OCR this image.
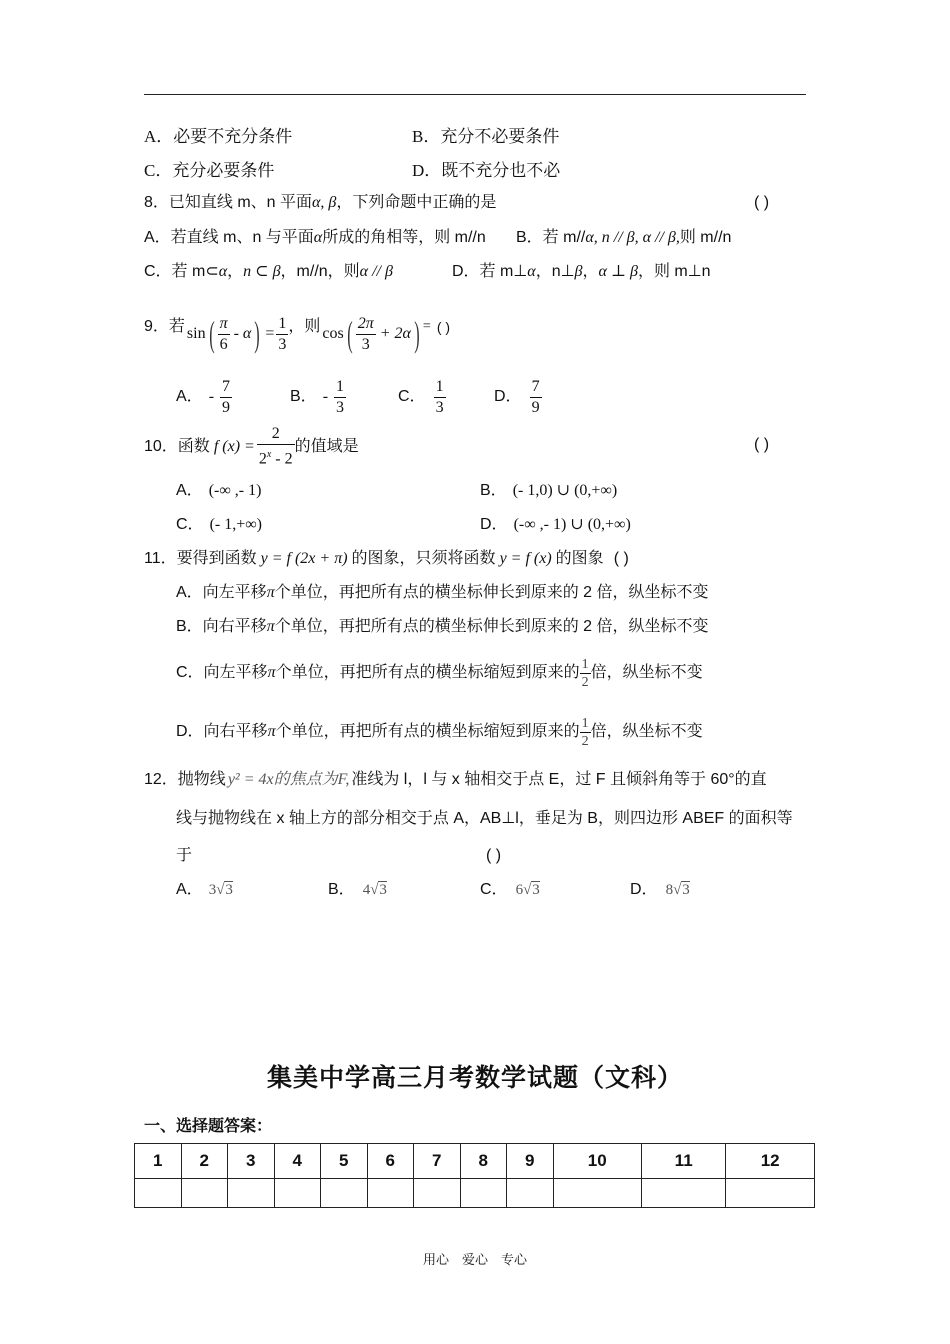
A．必要不充分条件	B．充分不必要条件
C．充分必要条件	D．既不充分也不必
8．已知直线 m、n 平面α, β，下列命题中正确的是	( )
A．若直线 m、n 与平面α所成的角相等，则 m//n B．若 m//α, n // β, α // β,则 m//n
C．若 m⊂α，n ⊂ β，m//n，则α // β	D．若 m⊥α，n⊥β，α ⊥ β，则 m⊥n
9．若 sin ( $\frac{\pi}{6}$ - α ) = $\frac{1}{3}$ ，则 cos ( $\frac{2\pi}{3} + 2\alpha$ ) = ( )
A． - $\frac{7}{9}$	B． - $\frac{1}{3}$	C． $\frac{1}{3}$	D． $\frac{7}{9}$
10．函数 f $(x) = \frac{2}{2^x - 2}$ 的值域是	( )
A． (-∞ ,- 1)	B． (- 1,0) ∪ (0,+∞)
C． (- 1,+∞)	D． (-∞ ,- 1) ∪ (0,+∞)
11．要得到函数 y = f (2x + π) 的图象，只须将函数 y = f (x) 的图象 ( )
A．向左平移π个单位，再把所有点的横坐标伸长到原来的 2 倍，纵坐标不变
B．向右平移π个单位，再把所有点的横坐标伸长到原来的 2 倍，纵坐标不变
C．向左平移 π 个单位，再把所有点的横坐标缩短到原来的 $\frac{1}{2}$ 倍，纵坐标不变
D．向右平移 π 个单位，再把所有点的横坐标缩短到原来的 $\frac{1}{2}$ 倍，纵坐标不变
12．抛物线 y² = 4x的焦点为F, 准线为 l，l 与 x 轴相交于点 E，过 F 且倾斜角等于 60°的直
线与抛物线在 x 轴上方的部分相交于点 A，AB⊥l，垂足为 B，则四边形 ABEF 的面积等
于	( )
A． 3√3	B． 4√3	C． 6√3	D． 8√3
集美中学高三月考数学试题（文科）
一、选择题答案：
1	2	3	4	5	6	7	8	9	10	11	12

用心　爱心　专心
